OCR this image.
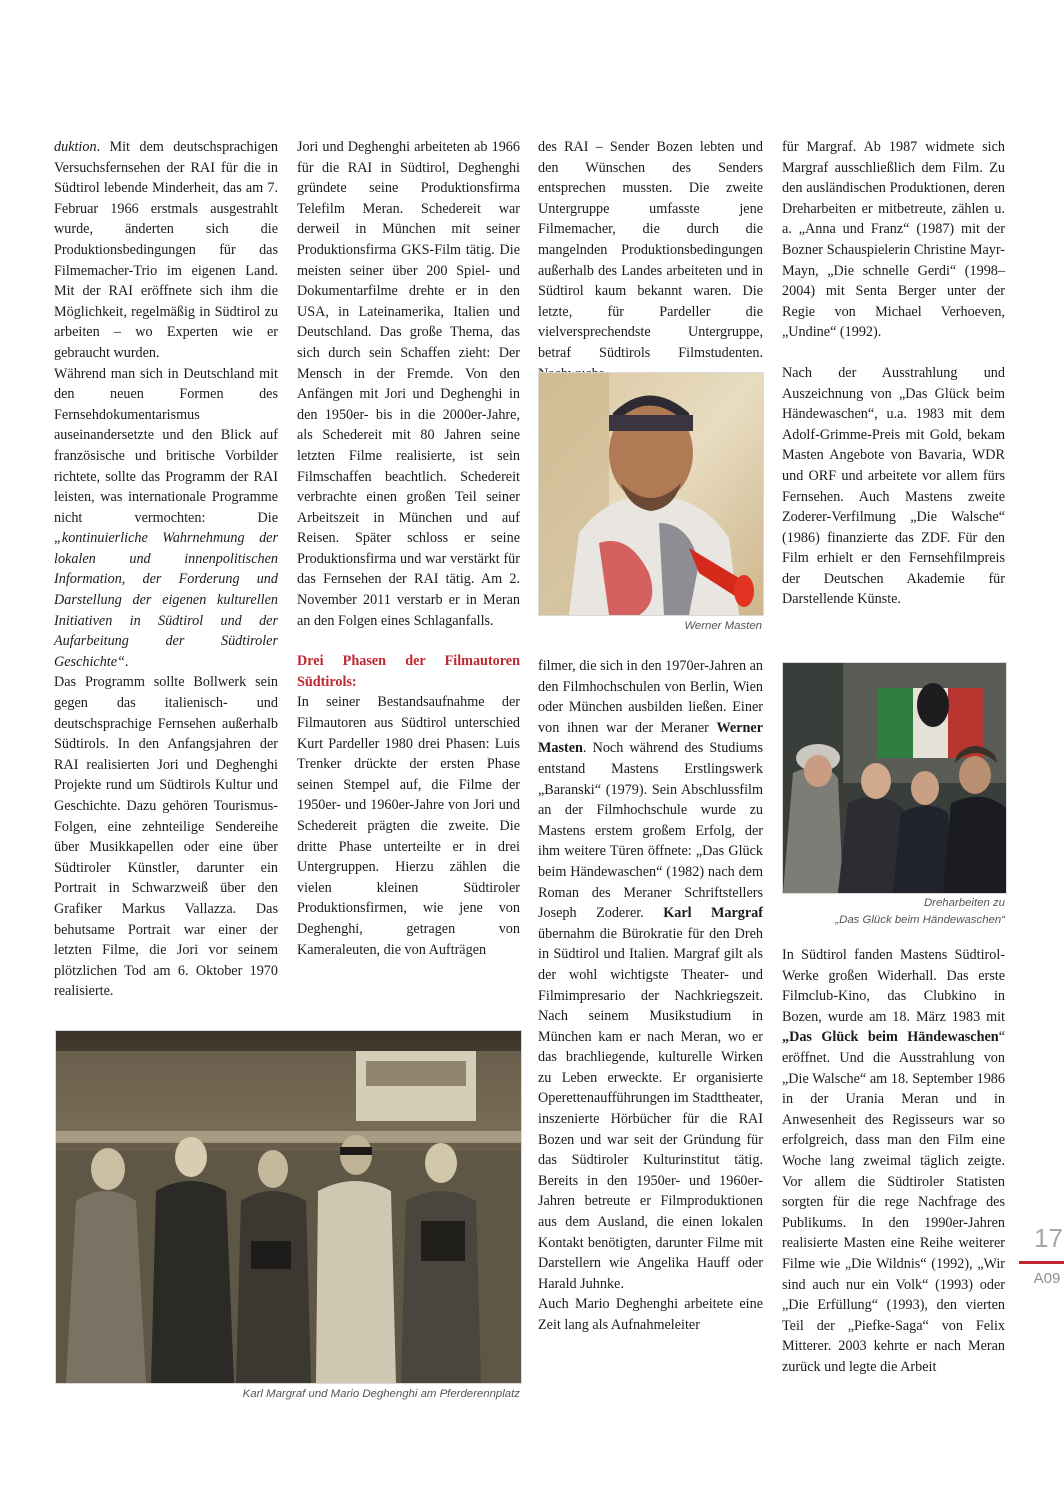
duktion. Mit dem deutschsprachigen Versuchsfernsehen der RAI für die in Südtirol lebende Minderheit, das am 7. Februar 1966 erstmals ausgestrahlt wurde, änderten sich die Produktionsbedingungen für das Filmemacher-Trio im eigenen Land. Mit der RAI eröffnete sich ihm die Möglichkeit, regelmäßig in Südtirol zu arbeiten – wo Experten wie er gebraucht wurden.

Während man sich in Deutschland mit den neuen Formen des Fernsehdokumentarismus auseinandersetzte und den Blick auf französische und britische Vorbilder richtete, sollte das Programm der RAI leisten, was internationale Programme nicht vermochten: Die „kontinuierliche Wahrnehmung der lokalen und innenpolitischen Information, der Forderung und Darstellung der eigenen kulturellen Initiativen in Südtirol und der Aufarbeitung der Südtiroler Geschichte“.

Das Programm sollte Bollwerk sein gegen das italienisch- und deutschsprachige Fernsehen außerhalb Südtirols. In den Anfangsjahren der RAI realisierten Jori und Deghenghi Projekte rund um Südtirols Kultur und Geschichte. Dazu gehören Tourismus-Folgen, eine zehnteilige Sendereihe über Musikkapellen oder eine über Südtiroler Künstler, darunter ein Portrait in Schwarzweiß über den Grafiker Markus Vallazza. Das behutsame Portrait war einer der letzten Filme, die Jori vor seinem plötzlichen Tod am 6. Oktober 1970 realisierte.

Jori und Deghenghi arbeiteten ab 1966 für die RAI in Südtirol, Deghenghi gründete seine Produktionsfirma Telefilm Meran. Schedereit war derweil in München mit seiner Produktionsfirma GKS-Film tätig. Die meisten seiner über 200 Spiel- und Dokumentarfilme drehte er in den USA, in Lateinamerika, Italien und Deutschland. Das große Thema, das sich durch sein Schaffen zieht: Der Mensch in der Fremde. Von den Anfängen mit Jori und Deghenghi in den 1950er- bis in die 2000er-Jahre, als Schedereit mit 80 Jahren seine letzten Filme realisierte, ist sein Filmschaffen beachtlich. Schedereit verbrachte einen großen Teil seiner Arbeitszeit in München und auf Reisen. Später schloss er seine Produktionsfirma und war verstärkt für das Fernsehen der RAI tätig. Am 2. November 2011 verstarb er in Meran an den Folgen eines Schlaganfalls.

Drei Phasen der Filmautoren Südtirols:

In seiner Bestandsaufnahme der Filmautoren aus Südtirol unterschied Kurt Pardeller 1980 drei Phasen: Luis Trenker drückte der ersten Phase seinen Stempel auf, die Filme der 1950er- und 1960er-Jahre von Jori und Schedereit prägten die zweite. Die dritte Phase unterteilte er in drei Untergruppen. Hierzu zählen die vielen kleinen Südtiroler Produktionsfirmen, wie jene von Deghenghi, getragen von Kameraleuten, die von Aufträgen

des RAI – Sender Bozen lebten und den Wünschen des Senders entsprechen mussten. Die zweite Untergruppe umfasste jene Filmemacher, die durch die mangelnden Produktionsbedingungen außerhalb des Landes arbeiteten und in Südtirol kaum bekannt waren. Die letzte, für Pardeller die vielversprechendste Untergruppe, betraf Südtirols Filmstudenten.

Werner Masten

filmer, die sich in den 1970er-Jahren an den Filmhochschulen von Berlin, Wien oder München ausbilden ließen. Einer von ihnen war der Meraner Werner Masten. Noch während des Studiums entstand Mastens Erstlingswerk „Baranski“ (1979). Sein Abschlussfilm an der Filmhochschule wurde zu Mastens erstem großem Erfolg, der ihm weitere Türen öffnete: „Das Glück beim Händewaschen“ (1982) nach dem Roman des Meraner Schriftstellers Joseph Zoderer. Karl Margraf übernahm die Bürokratie für den Dreh in Südtirol und Italien. Margraf gilt als der wohl wichtigste Theater- und Filmimpresario der Nachkriegszeit. Nach seinem Musikstudium in München kam er nach Meran, wo er das brachliegende, kulturelle Wirken zu Leben erweckte. Er organisierte Operettenaufführungen im Stadttheater, inszenierte Hörbücher für die RAI Bozen und war seit der Gründung für das Südtiroler Kulturinstitut tätig. Bereits in den 1950er- und 1960er-Jahren betreute er Filmproduktionen aus dem Ausland, die einen lokalen Kontakt benötigten, darunter Filme mit Darstellern wie Angelika Hauff oder Harald Juhnke.

Auch Mario Deghenghi arbeitete eine Zeit lang als Aufnahmeleiter

für Margraf. Ab 1987 widmete sich Margraf ausschließlich dem Film. Zu den ausländischen Produktionen, deren Dreharbeiten er mitbetreute, zählen u. a. „Anna und Franz“ (1987) mit der Bozner Schauspielerin Christine Mayr-Mayn, „Die schnelle Gerdi“ (1998–2004) mit Senta Berger unter der Regie von Michael Verhoeven, „Undine“ (1992).

Nach der Ausstrahlung und Auszeichnung von „Das Glück beim Händewaschen“, u.a. 1983 mit dem Adolf-Grimme-Preis mit Gold, bekam Masten Angebote von Bavaria, WDR und ORF und arbeitete vor allem fürs Fernsehen. Auch Mastens zweite Zoderer-Verfilmung „Die Walsche“ (1986) finanzierte das ZDF. Für den Film erhielt er den Fernsehfilmpreis der Deutschen Akademie für Darstellende Künste.

Dreharbeiten zu
„Das Glück beim Händewaschen“

In Südtirol fanden Mastens Südtirol-Werke großen Widerhall. Das erste Filmclub-Kino, das Clubkino in Bozen, wurde am 18. März 1983 mit „Das Glück beim Händewaschen“ eröffnet. Und die Ausstrahlung von „Die Walsche“ am 18. September 1986 in der Urania Meran und in Anwesenheit des Regisseurs war so erfolgreich, dass man den Film eine Woche lang zweimal täglich zeigte. Vor allem die Südtiroler Statisten sorgten für die rege Nachfrage des Publikums. In den 1990er-Jahren realisierte Masten eine Reihe weiterer Filme wie „Die Wildnis“ (1992), „Wir sind auch nur ein Volk“ (1993) oder „Die Erfüllung“ (1993), den vierten Teil der „Piefke-Saga“ von Felix Mitterer. 2003 kehrte er nach Meran zurück und legte die Arbeit

Karl Margraf und Mario Deghenghi am Pferderennplatz
17
A09
